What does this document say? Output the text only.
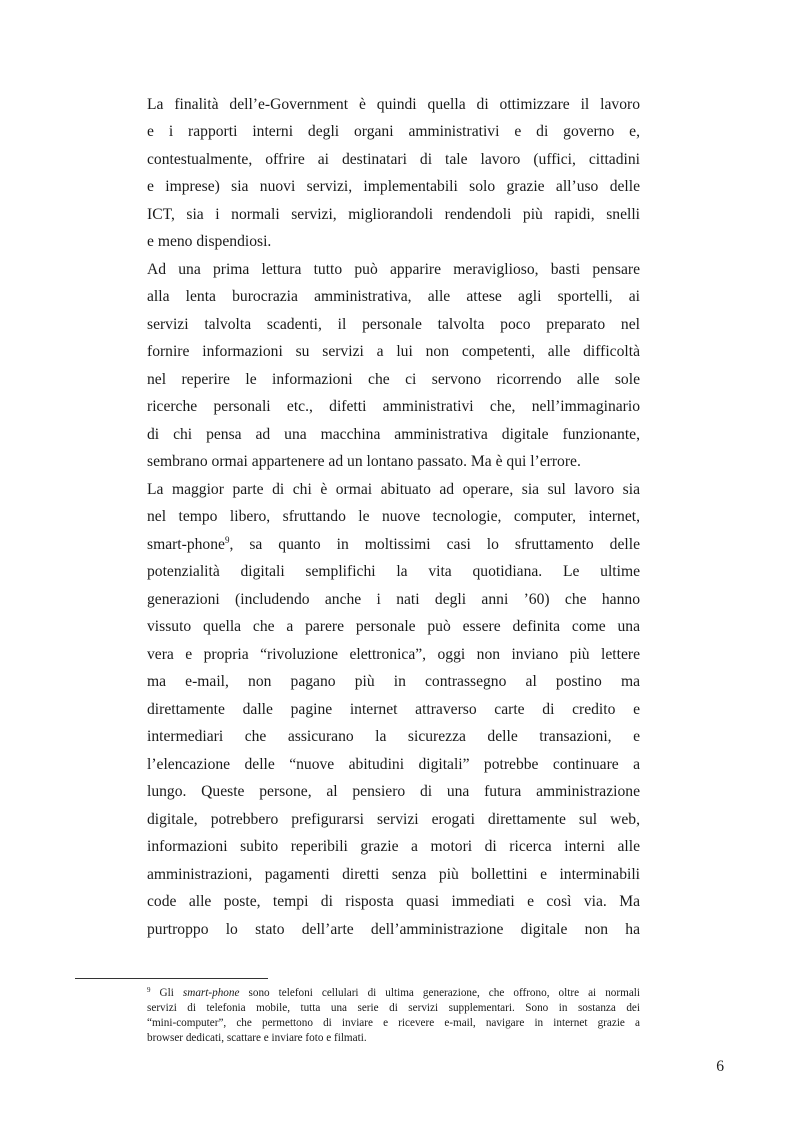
La finalità dell’e-Government è quindi quella di ottimizzare il lavoro
e i rapporti interni degli organi amministrativi e di governo e,
contestualmente, offrire ai destinatari di tale lavoro (uffici, cittadini
e imprese) sia nuovi servizi, implementabili solo grazie all’uso delle
ICT, sia i normali servizi, migliorandoli rendendoli più rapidi, snelli
e meno dispendiosi.
Ad una prima lettura tutto può apparire meraviglioso, basti pensare
alla lenta burocrazia amministrativa, alle attese agli sportelli, ai
servizi talvolta scadenti, il personale talvolta poco preparato nel
fornire informazioni su servizi a lui non competenti, alle difficoltà
nel reperire le informazioni che ci servono ricorrendo alle sole
ricerche personali etc., difetti amministrativi che, nell’immaginario
di chi pensa ad una macchina amministrativa digitale funzionante,
sembrano ormai appartenere ad un lontano passato. Ma è qui l’errore.
La maggior parte di chi è ormai abituato ad operare, sia sul lavoro sia
nel tempo libero, sfruttando le nuove tecnologie, computer, internet,
smart-phone$^9$, sa quanto in moltissimi casi lo sfruttamento delle
potenzialità digitali semplifichi la vita quotidiana. Le ultime
generazioni (includendo anche i nati degli anni ’60) che hanno
vissuto quella che a parere personale può essere definita come una
vera e propria “rivoluzione elettronica”, oggi non inviano più lettere
ma e-mail, non pagano più in contrassegno al postino ma
direttamente dalle pagine internet attraverso carte di credito e
intermediari che assicurano la sicurezza delle transazioni, e
l’elencazione delle “nuove abitudini digitali” potrebbe continuare a
lungo. Queste persone, al pensiero di una futura amministrazione
digitale, potrebbero prefigurarsi servizi erogati direttamente sul web,
informazioni subito reperibili grazie a motori di ricerca interni alle
amministrazioni, pagamenti diretti senza più bollettini e interminabili
code alle poste, tempi di risposta quasi immediati e così via. Ma
purtroppo lo stato dell’arte dell’amministrazione digitale non ha
$^9$ Gli smart-phone sono telefoni cellulari di ultima generazione, che offrono, oltre ai normali
servizi di telefonia mobile, tutta una serie di servizi supplementari. Sono in sostanza dei
“mini-computer”, che permettono di inviare e ricevere e-mail, navigare in internet grazie a
browser dedicati, scattare e inviare foto e filmati.
6
